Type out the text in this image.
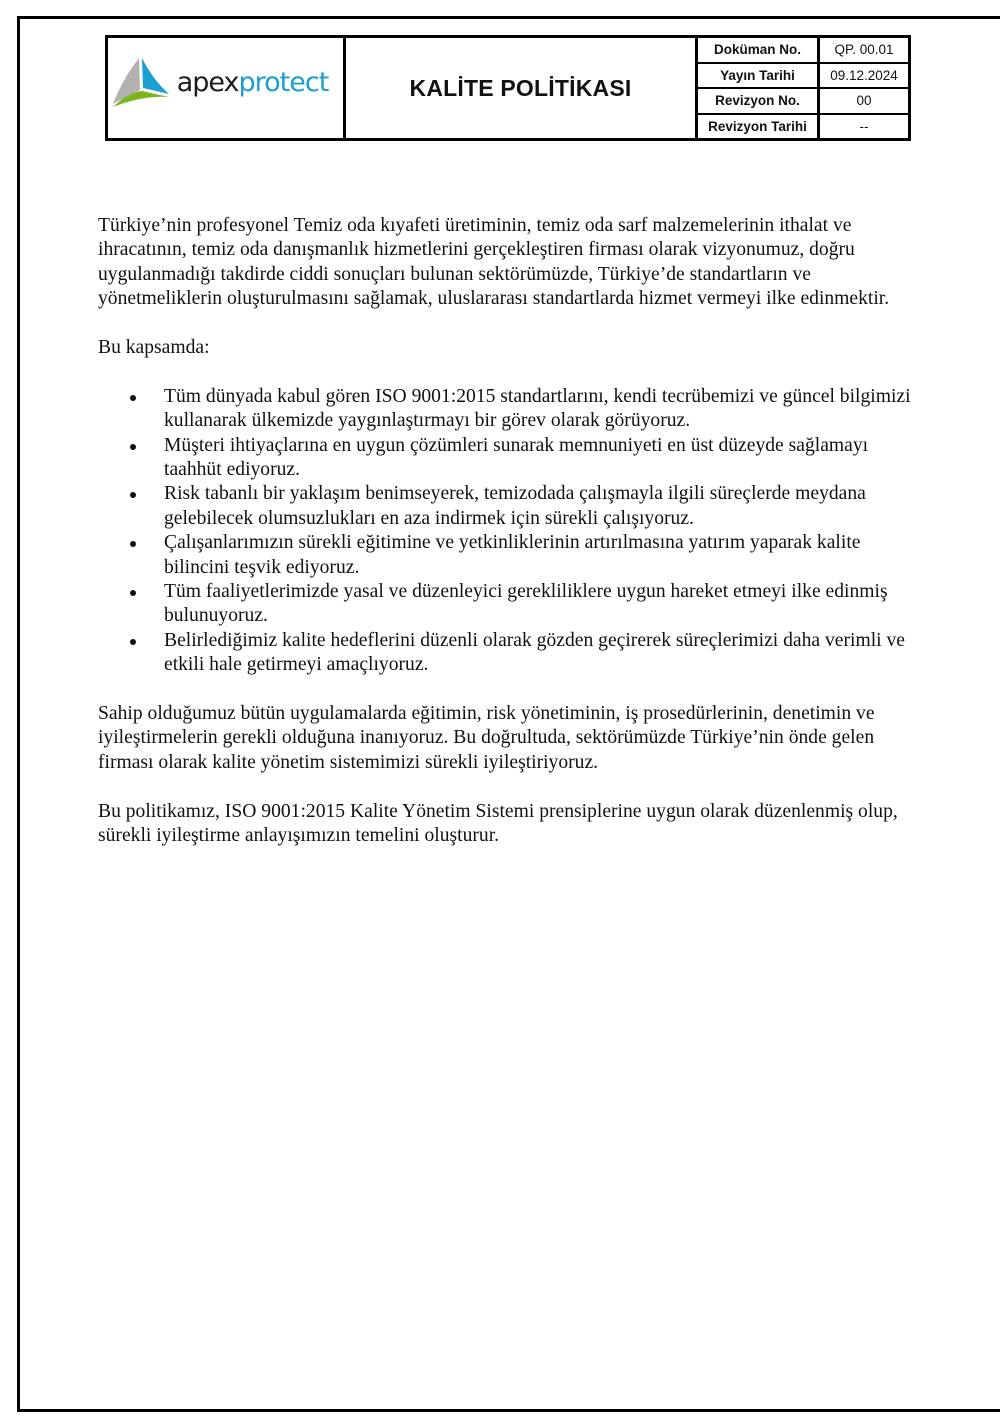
apexprotect	KALİTE POLİTİKASI
Doküman No.	QP. 00.01
Yayın Tarihi	09.12.2024
Revizyon No.	00
Revizyon Tarihi	--

Türkiye’nin profesyonel Temiz oda kıyafeti üretiminin, temiz oda sarf malzemelerinin ithalat ve ihracatının, temiz oda danışmanlık hizmetlerini gerçekleştiren firması olarak vizyonumuz, doğru uygulanmadığı takdirde ciddi sonuçları bulunan sektörümüzde, Türkiye’de standartların ve yönetmeliklerin oluşturulmasını sağlamak, uluslararası standartlarda hizmet vermeyi ilke edinmektir.

Bu kapsamda:

Tüm dünyada kabul gören ISO 9001:2015 standartlarını, kendi tecrübemizi ve güncel bilgimizi kullanarak ülkemizde yaygınlaştırmayı bir görev olarak görüyoruz.
Müşteri ihtiyaçlarına en uygun çözümleri sunarak memnuniyeti en üst düzeyde sağlamayı taahhüt ediyoruz.
Risk tabanlı bir yaklaşım benimseyerek, temizodada çalışmayla ilgili süreçlerde meydana gelebilecek olumsuzlukları en aza indirmek için sürekli çalışıyoruz.
Çalışanlarımızın sürekli eğitimine ve yetkinliklerinin artırılmasına yatırım yaparak kalite bilincini teşvik ediyoruz.
Tüm faaliyetlerimizde yasal ve düzenleyici gerekliliklere uygun hareket etmeyi ilke edinmiş bulunuyoruz.
Belirlediğimiz kalite hedeflerini düzenli olarak gözden geçirerek süreçlerimizi daha verimli ve etkili hale getirmeyi amaçlıyoruz.

Sahip olduğumuz bütün uygulamalarda eğitimin, risk yönetiminin, iş prosedürlerinin, denetimin ve iyileştirmelerin gerekli olduğuna inanıyoruz. Bu doğrultuda, sektörümüzde Türkiye’nin önde gelen firması olarak kalite yönetim sistemimizi sürekli iyileştiriyoruz.

Bu politikamız, ISO 9001:2015 Kalite Yönetim Sistemi prensiplerine uygun olarak düzenlenmiş olup, sürekli iyileştirme anlayışımızın temelini oluşturur.
